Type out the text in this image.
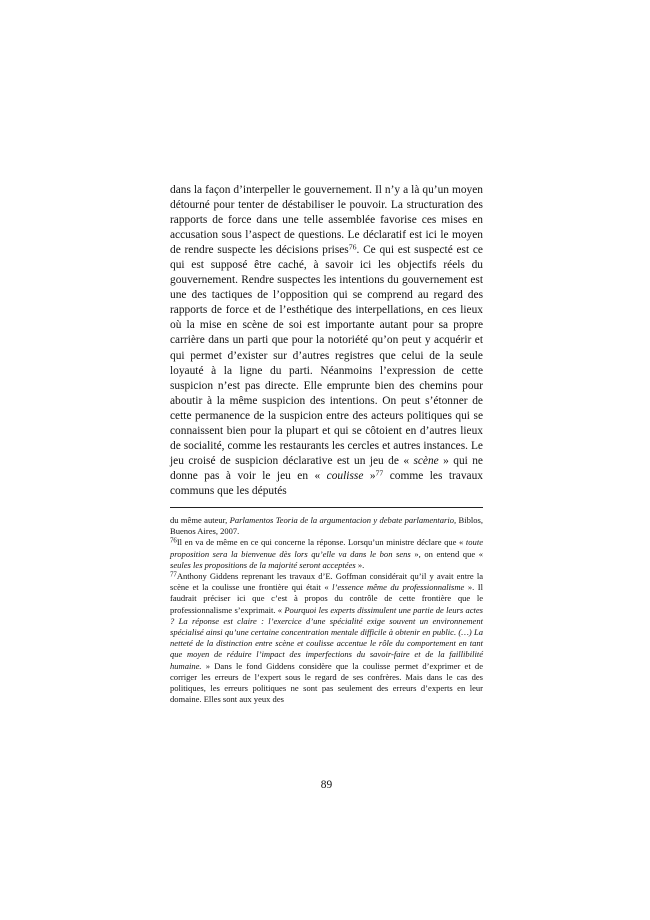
dans la façon d’interpeller le gouvernement. Il n’y a là qu’un moyen détourné pour tenter de déstabiliser le pouvoir. La structuration des rapports de force dans une telle assemblée favorise ces mises en accusation sous l’aspect de questions. Le déclaratif est ici le moyen de rendre suspecte les décisions prises$^{76}$. Ce qui est suspecté est ce qui est supposé être caché, à savoir ici les objectifs réels du gouvernement. Rendre suspectes les intentions du gouvernement est une des tactiques de l’opposition qui se comprend au regard des rapports de force et de l’esthétique des interpellations, en ces lieux où la mise en scène de soi est importante autant pour sa propre carrière dans un parti que pour la notoriété qu’on peut y acquérir et qui permet d’exister sur d’autres registres que celui de la seule loyauté à la ligne du parti. Néanmoins l’expression de cette suspicion n’est pas directe. Elle emprunte bien des chemins pour aboutir à la même suspicion des intentions. On peut s’étonner de cette permanence de la suspicion entre des acteurs politiques qui se connaissent bien pour la plupart et qui se côtoient en d’autres lieux de socialité, comme les restaurants les cercles et autres instances. Le jeu croisé de suspicion déclarative est un jeu de « scène » qui ne donne pas à voir le jeu en « coulisse »$^{77}$ comme les travaux communs que les députés

du même auteur, Parlamentos Teoria de la argumentacion y debate parlamentario, Biblos, Buenos Aires, 2007.

$^{76}$Il en va de même en ce qui concerne la réponse. Lorsqu’un ministre déclare que « toute proposition sera la bienvenue dès lors qu’elle va dans le bon sens », on entend que « seules les propositions de la majorité seront acceptées ».

$^{77}$Anthony Giddens reprenant les travaux d’E. Goffman considérait qu’il y avait entre la scène et la coulisse une frontière qui était « l’essence même du professionnalisme ». Il faudrait préciser ici que c’est à propos du contrôle de cette frontière que le professionnalisme s’exprimait. « Pourquoi les experts dissimulent une partie de leurs actes ? La réponse est claire : l’exercice d’une spécialité exige souvent un environnement spécialisé ainsi qu’une certaine concentration mentale difficile à obtenir en public. (…) La netteté de la distinction entre scène et coulisse accentue le rôle du comportement en tant que moyen de réduire l’impact des imperfections du savoir-faire et de la faillibilité humaine. » Dans le fond Giddens considère que la coulisse permet d’exprimer et de corriger les erreurs de l’expert sous le regard de ses confrères. Mais dans le cas des politiques, les erreurs politiques ne sont pas seulement des erreurs d’experts en leur domaine. Elles sont aux yeux des

89
